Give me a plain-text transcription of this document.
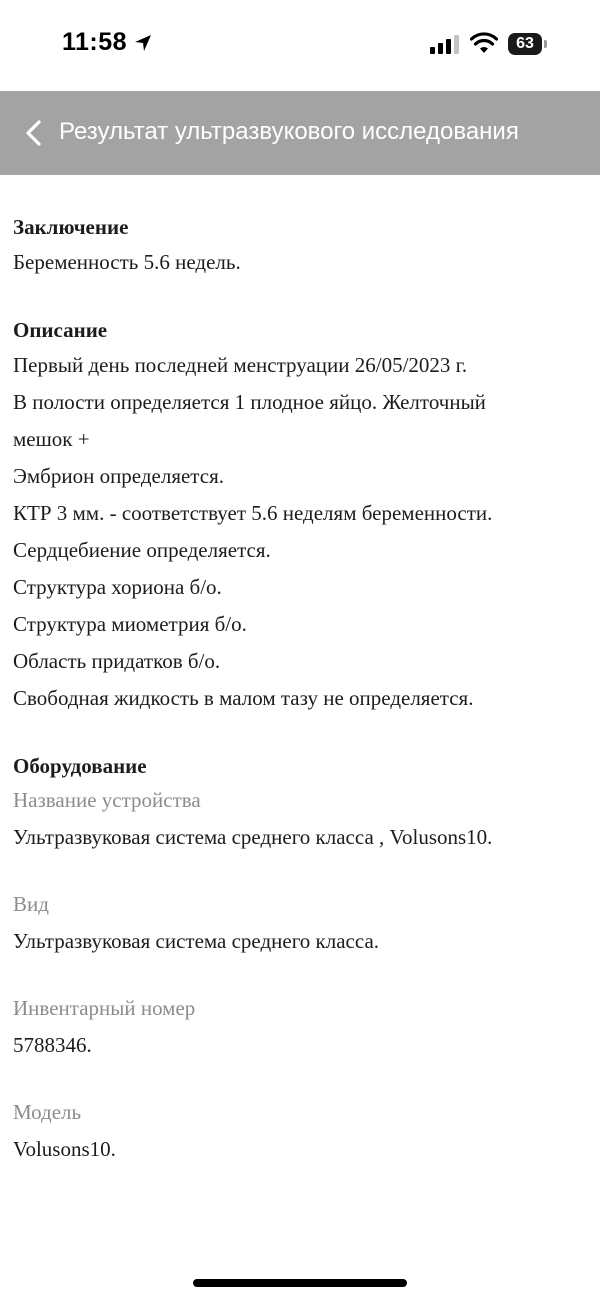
11:58	63
Результат ультразвукового исследования

Заключение

Беременность 5.6 недель.

Описание

Первый день последней менструации 26/05/2023 г.

В полости определяется 1 плодное яйцо. Желточный

мешок +

Эмбрион определяется.

КТР 3 мм. - соответствует 5.6 неделям беременности.

Сердцебиение определяется.

Структура хориона б/о.

Структура миометрия б/о.

Область придатков б/о.

Свободная жидкость в малом тазу не определяется.

Оборудование

Название устройства

Ультразвуковая система среднего класса , Volusons10.

Вид

Ультразвуковая система среднего класса.

Инвентарный номер

5788346.

Модель

Volusons10.
